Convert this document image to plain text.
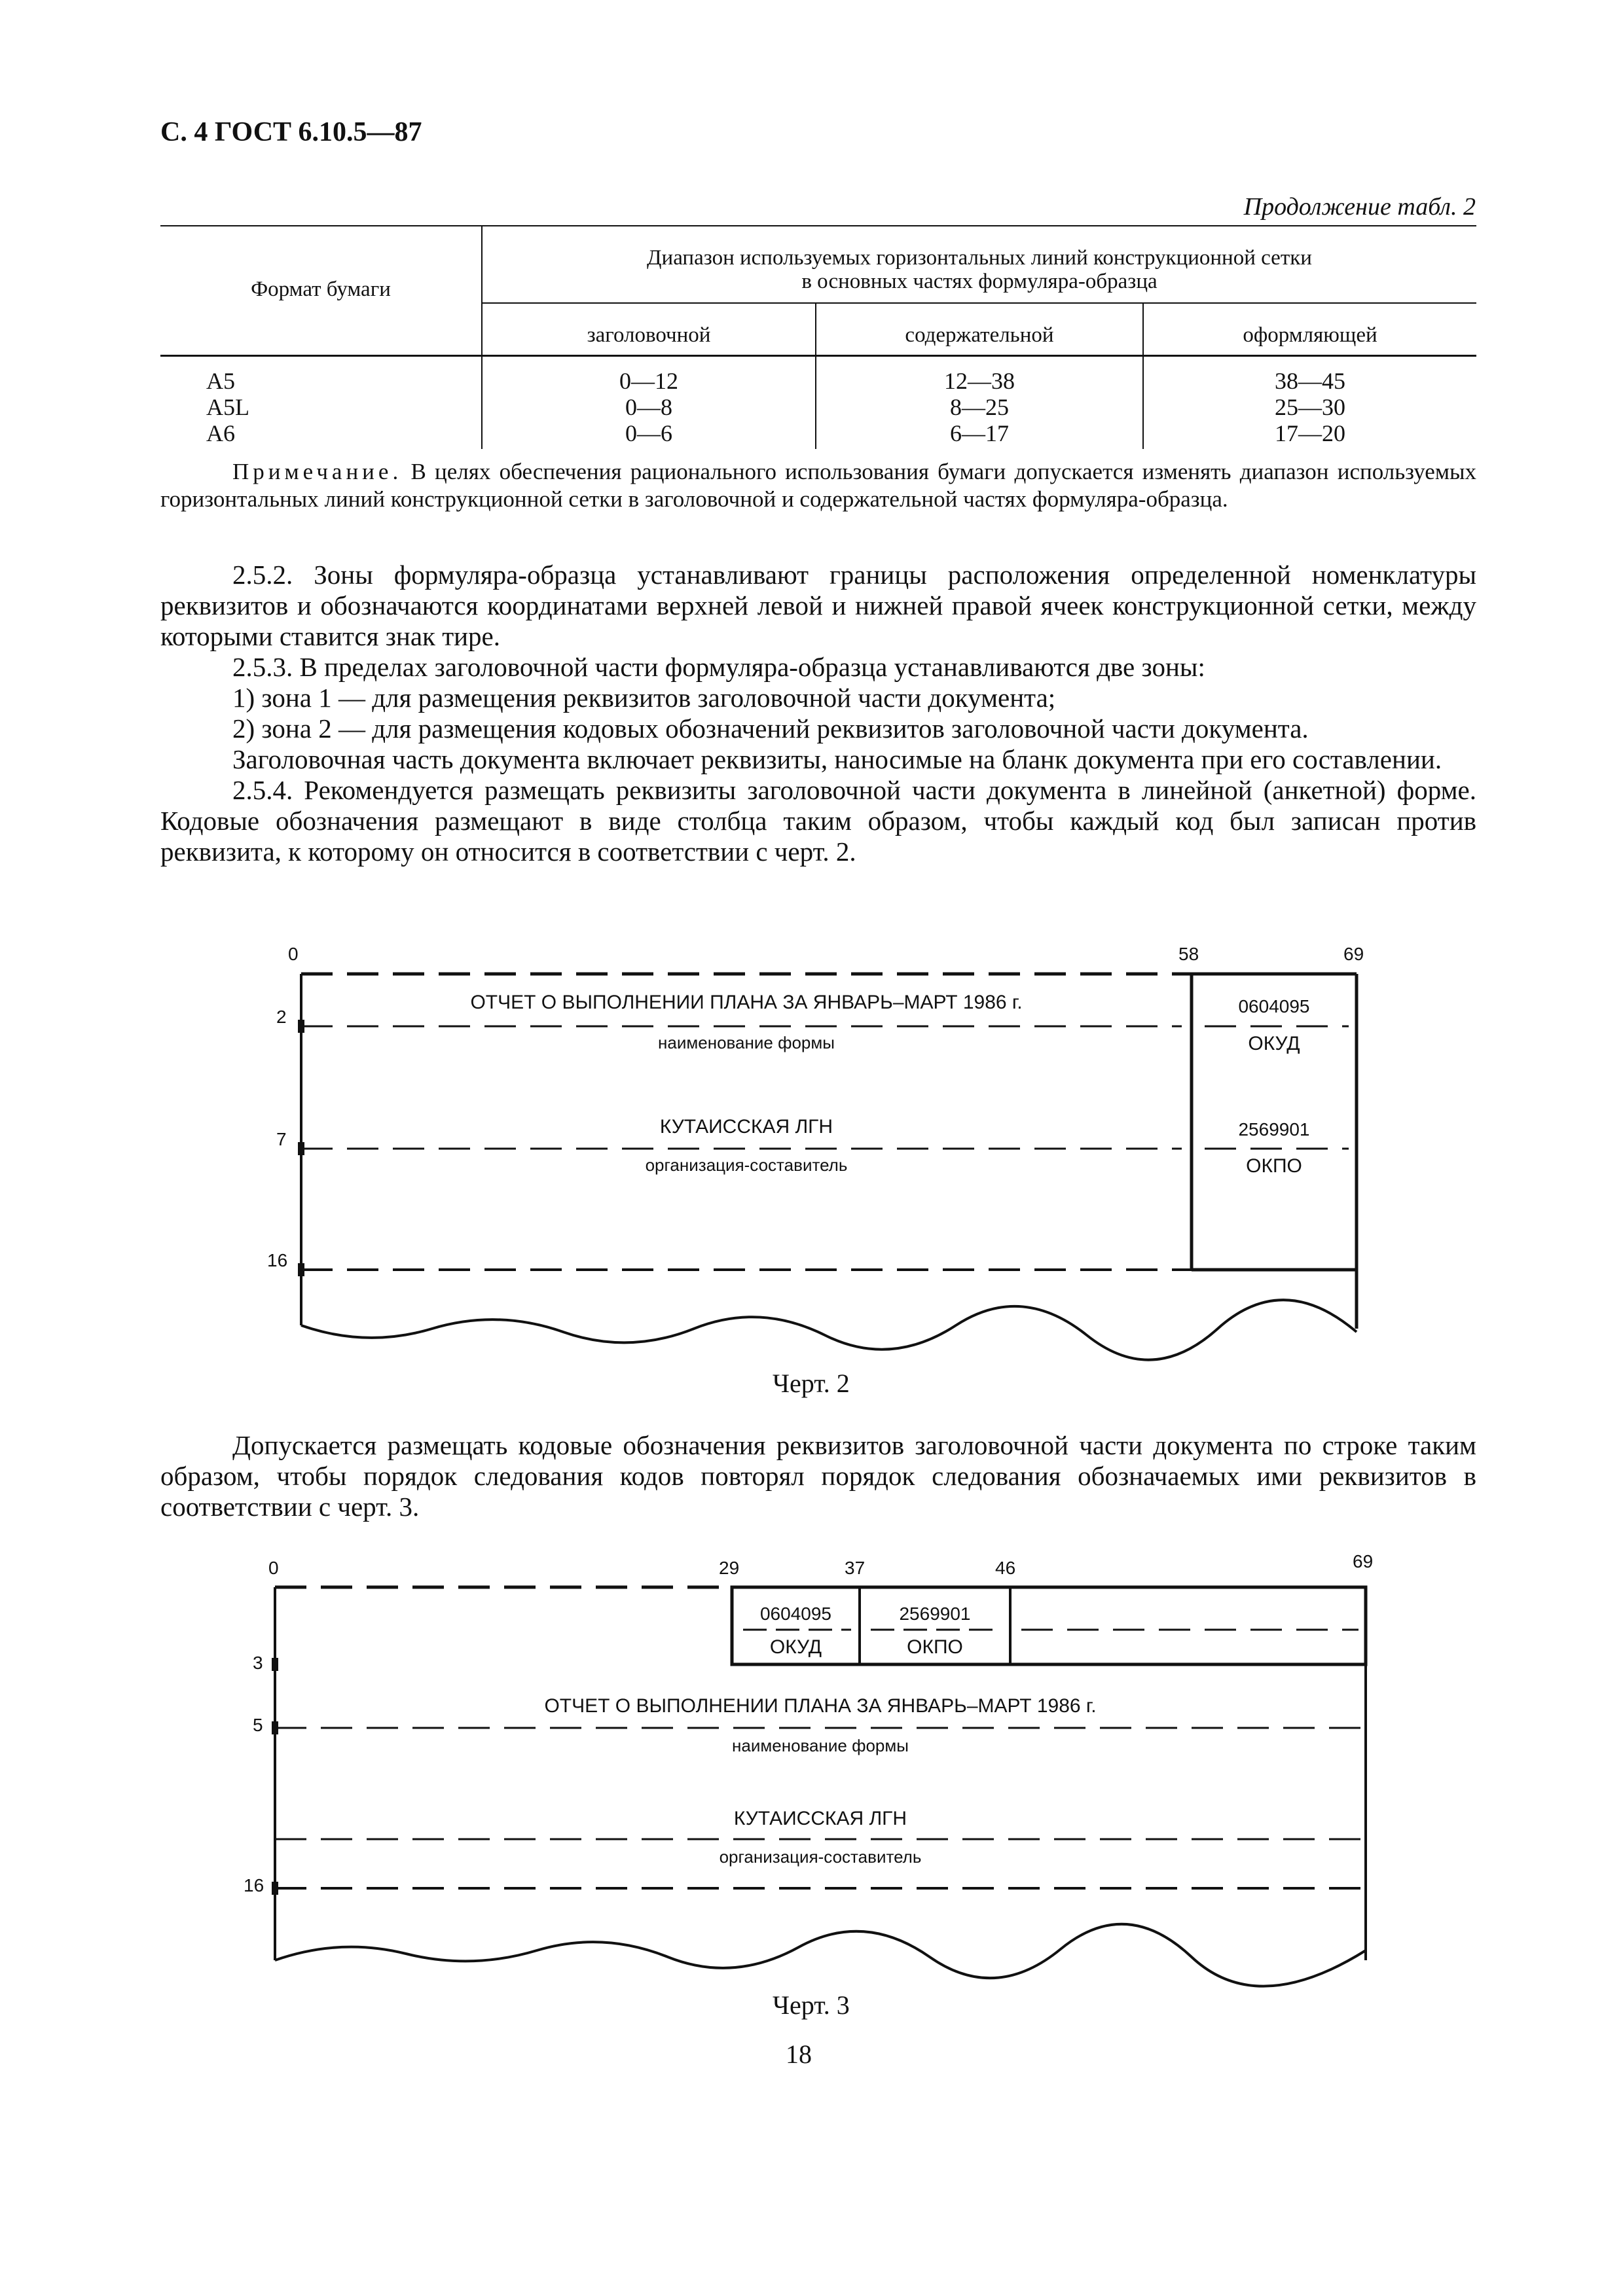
С. 4 ГОСТ 6.10.5—87
Продолжение табл. 2
Формат бумаги
Диапазон используемых горизонтальных линий конструкционной сетки
в основных частях формуляра-образца
заголовочной	содержательной	оформляющей
A5	0—12	12—38	38—45
A5L	0—8	8—25	25—30
A6	0—6	6—17	17—20
Примечание. В целях обеспечения рационального использования бумаги допускается изменять диапазон используемых горизонтальных линий конструкционной сетки в заголовочной и содержательной частях формуляра-образца.

2.5.2. Зоны формуляра-образца устанавливают границы расположения определенной номенклатуры реквизитов и обозначаются координатами верхней левой и нижней правой ячеек конструкционной сетки, между которыми ставится знак тире.

2.5.3. В пределах заголовочной части формуляра-образца устанавливаются две зоны:

1) зона 1 — для размещения реквизитов заголовочной части документа;

2) зона 2 — для размещения кодовых обозначений реквизитов заголовочной части документа.

Заголовочная часть документа включает реквизиты, наносимые на бланк документа при его составлении.

2.5.4. Рекомендуется размещать реквизиты заголовочной части документа в линейной (анкетной) форме. Кодовые обозначения размещают в виде столбца таким образом, чтобы каждый код был записан против реквизита, к которому он относится в соответствии с черт. 2.

0	58	69
2
7
16
ОТЧЕТ О ВЫПОЛНЕНИИ ПЛАНА ЗА ЯНВАРЬ–МАРТ 1986 г.
наименование формы
КУТАИССКАЯ ЛГН
организация-составитель
0604095
ОКУД
2569901
ОКПО
Черт. 2

Допускается размещать кодовые обозначения реквизитов заголовочной части документа по строке таким образом, чтобы порядок следования кодов повторял порядок следования обозначаемых ими реквизитов в соответствии с черт. 3.

0	29	37	46	69
3
5
16
0604095
ОКУД
2569901
ОКПО
ОТЧЕТ О ВЫПОЛНЕНИИ ПЛАНА ЗА ЯНВАРЬ–МАРТ 1986 г.
наименование формы
КУТАИССКАЯ ЛГН
организация-составитель
Черт. 3
18
